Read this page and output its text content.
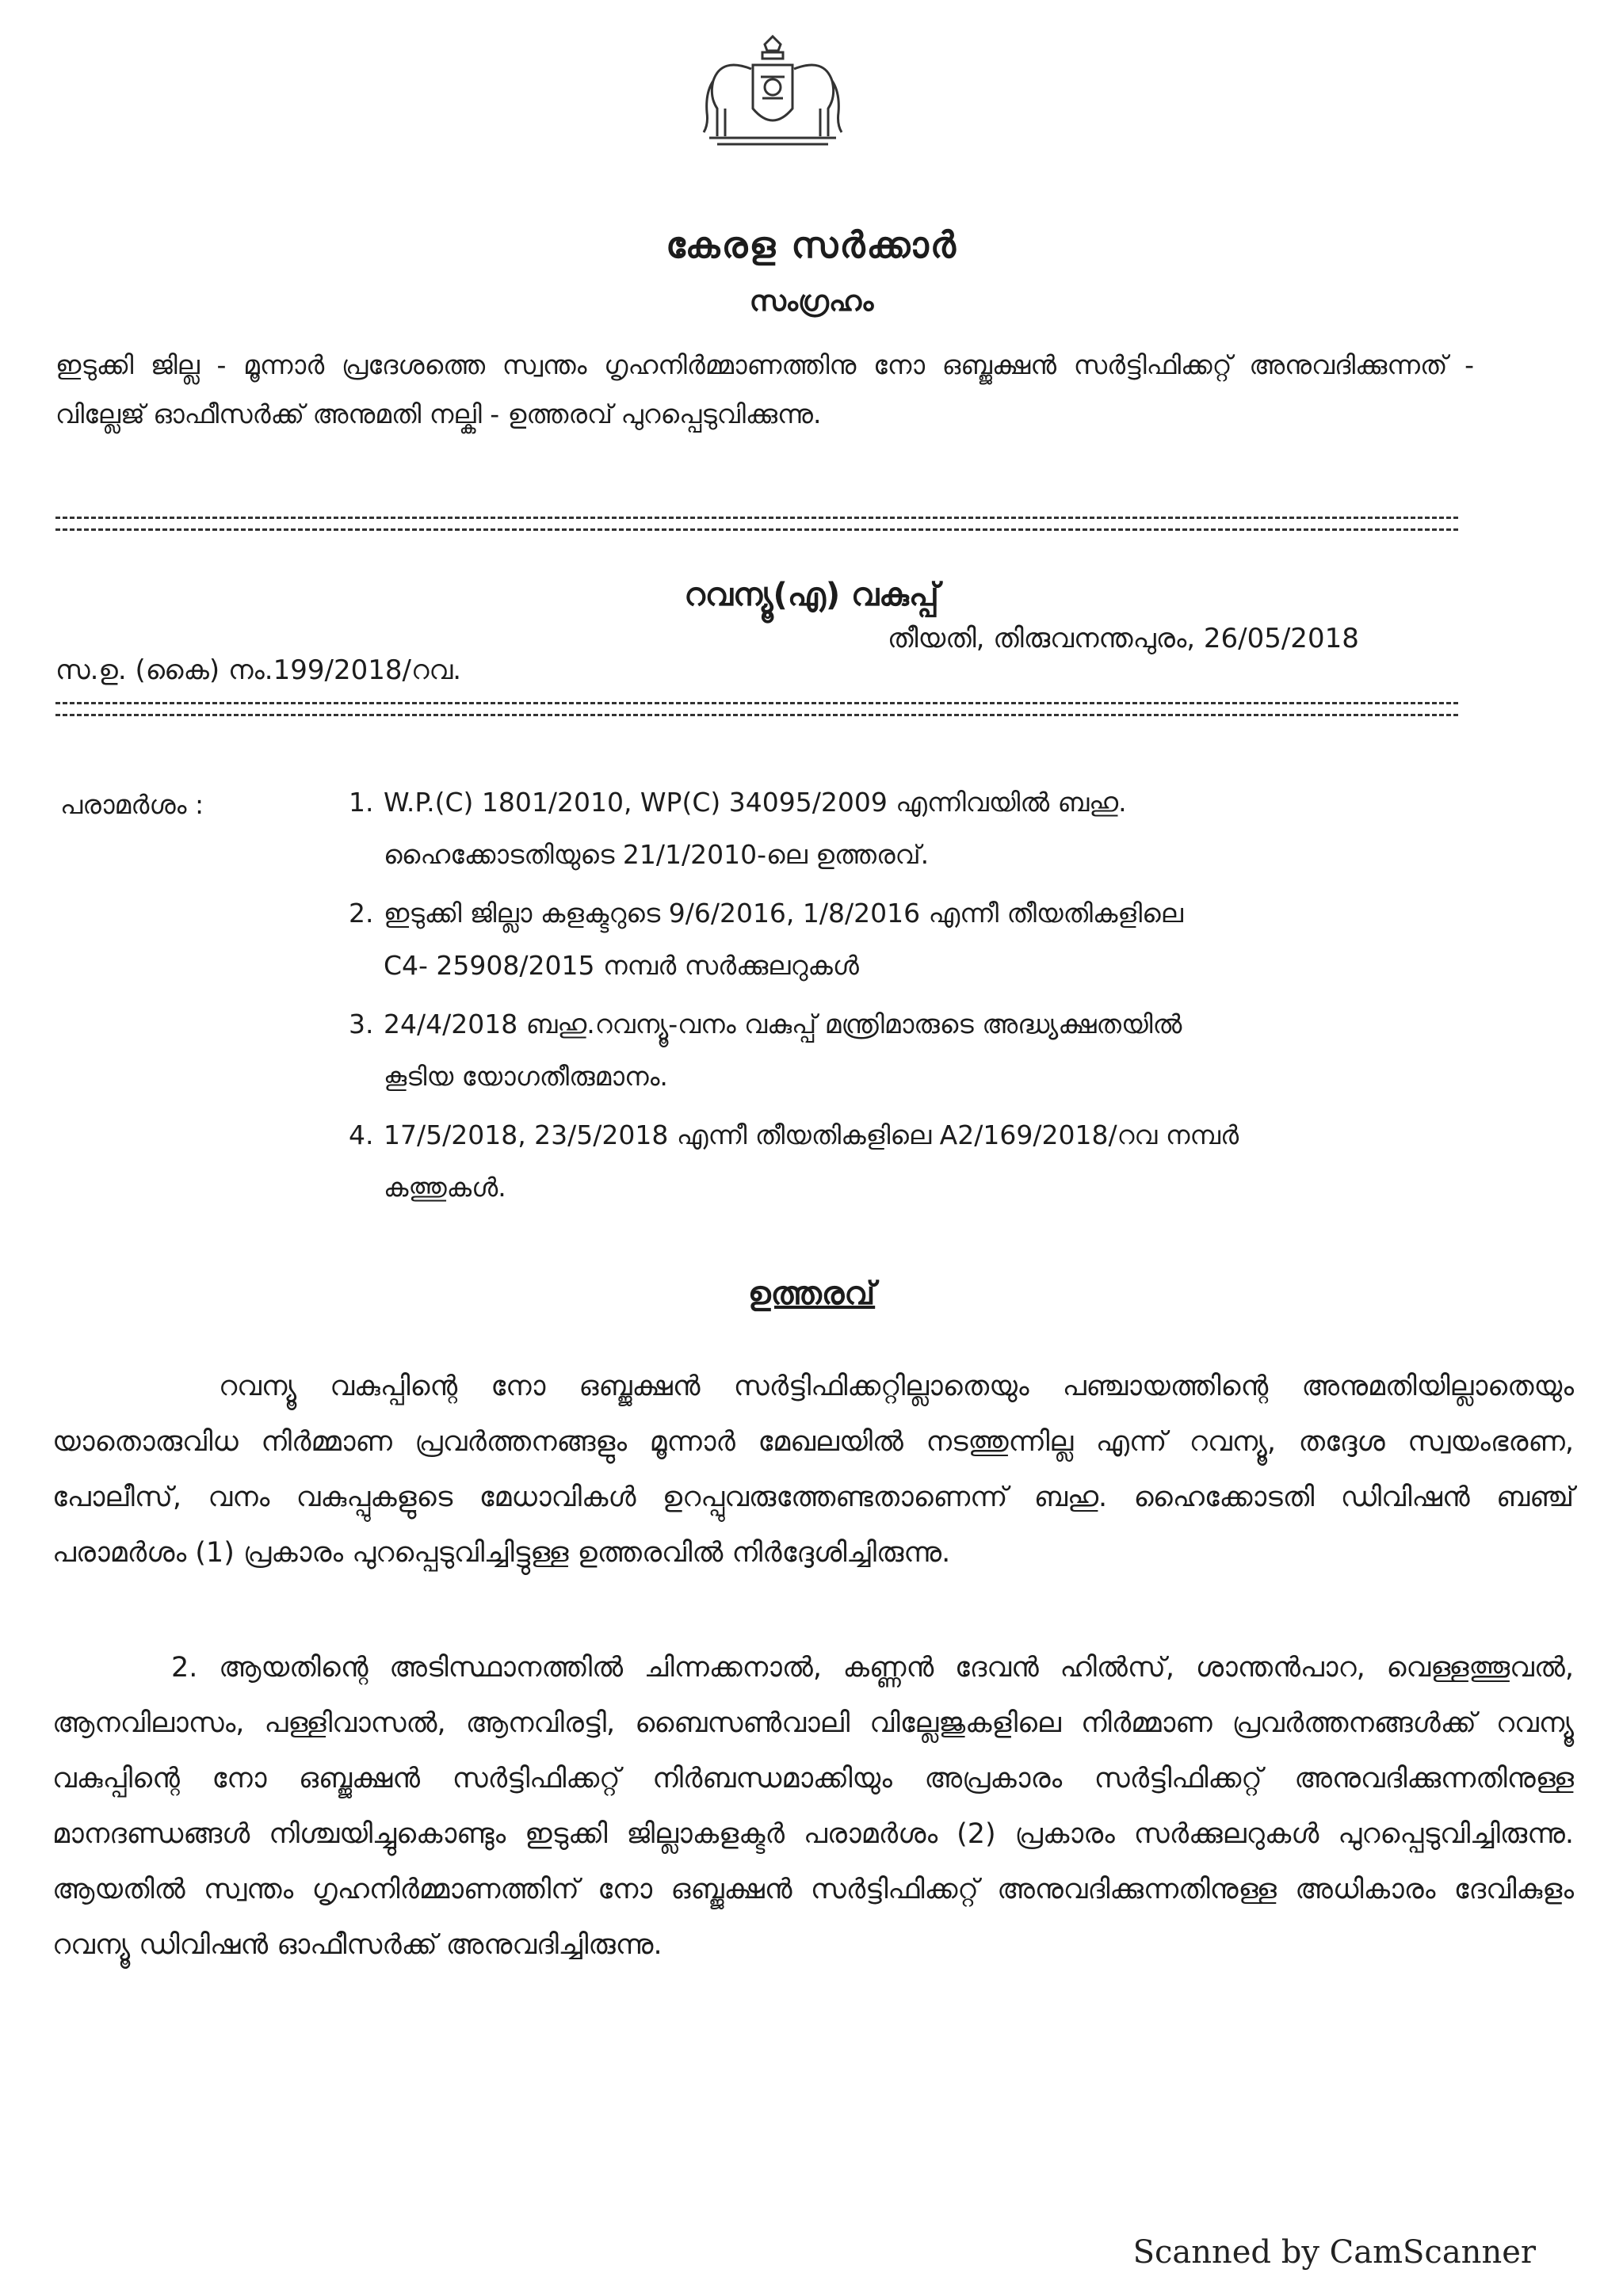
കേരള സർക്കാർ
സംഗ്രഹം
ഇടുക്കി ജില്ല - മൂന്നാർ പ്രദേശത്തെ സ്വന്തം ഗൃഹനിർമ്മാണത്തിനു നോ ഒബ്ജക്ഷൻ സർട്ടിഫിക്കറ്റ് അനുവദിക്കുന്നത് - വില്ലേജ് ഓഫീസർക്ക് അനുമതി നല്കി - ഉത്തരവ് പുറപ്പെടുവിക്കുന്നു.
റവന്യൂ(എ) വകുപ്പ്
തീയതി, തിരുവനന്തപുരം, 26/05/2018
സ.ഉ. (കൈ) നം.199/2018/റവ.
പരാമർശം :	1. W.P.(C) 1801/2010, WP(C) 34095/2009 എന്നിവയിൽ ബഹു.
ഹൈക്കോടതിയുടെ 21/1/2010-ലെ ഉത്തരവ്.
2. ഇടുക്കി ജില്ലാ കളക്ടറുടെ 9/6/2016, 1/8/2016 എന്നീ തീയതികളിലെ
C4- 25908/2015 നമ്പർ സർക്കുലറുകൾ
3. 24/4/2018 ബഹു.റവന്യൂ-വനം വകുപ്പ് മന്ത്രിമാരുടെ അദ്ധ്യക്ഷതയിൽ
കൂടിയ യോഗതീരുമാനം.
4. 17/5/2018, 23/5/2018 എന്നീ തീയതികളിലെ A2/169/2018/റവ നമ്പർ
കത്തുകൾ.
ഉത്തരവ്
റവന്യൂ വകുപ്പിന്റെ നോ ഒബ്ജക്ഷൻ സർട്ടിഫിക്കറ്റില്ലാതെയും പഞ്ചായത്തിന്റെ അനുമതിയില്ലാതെയും യാതൊരുവിധ നിർമ്മാണ പ്രവർത്തനങ്ങളും മൂന്നാർ മേഖലയിൽ നടത്തുന്നില്ല എന്ന് റവന്യൂ, തദ്ദേശ സ്വയംഭരണ, പോലീസ്, വനം വകുപ്പുകളുടെ മേധാവികൾ ഉറപ്പുവരുത്തേണ്ടതാണെന്ന് ബഹു. ഹൈക്കോടതി ഡിവിഷൻ ബഞ്ച് പരാമർശം (1) പ്രകാരം പുറപ്പെടുവിച്ചിട്ടുള്ള ഉത്തരവിൽ നിർദ്ദേശിച്ചിരുന്നു.
2. ആയതിന്റെ അടിസ്ഥാനത്തിൽ ചിന്നക്കനാൽ, കണ്ണൻ ദേവൻ ഹിൽസ്, ശാന്തൻപാറ, വെള്ളത്തൂവൽ, ആനവിലാസം, പള്ളിവാസൽ, ആനവിരട്ടി, ബൈസൺവാലി വില്ലേജുകളിലെ നിർമ്മാണ പ്രവർത്തനങ്ങൾക്ക് റവന്യൂ വകുപ്പിന്റെ നോ ഒബ്ജക്ഷൻ സർട്ടിഫിക്കറ്റ് നിർബന്ധമാക്കിയും അപ്രകാരം സർട്ടിഫിക്കറ്റ് അനുവദിക്കുന്നതിനുള്ള മാനദണ്ഡങ്ങൾ നിശ്ചയിച്ചുകൊണ്ടും ഇടുക്കി ജില്ലാകളക്ടർ പരാമർശം (2) പ്രകാരം സർക്കുലറുകൾ പുറപ്പെടുവിച്ചിരുന്നു. ആയതിൽ സ്വന്തം ഗൃഹനിർമ്മാണത്തിന് നോ ഒബ്ജക്ഷൻ സർട്ടിഫിക്കറ്റ് അനുവദിക്കുന്നതിനുള്ള അധികാരം ദേവികുളം റവന്യൂ ഡിവിഷൻ ഓഫീസർക്ക് അനുവദിച്ചിരുന്നു.
Scanned by CamScanner
